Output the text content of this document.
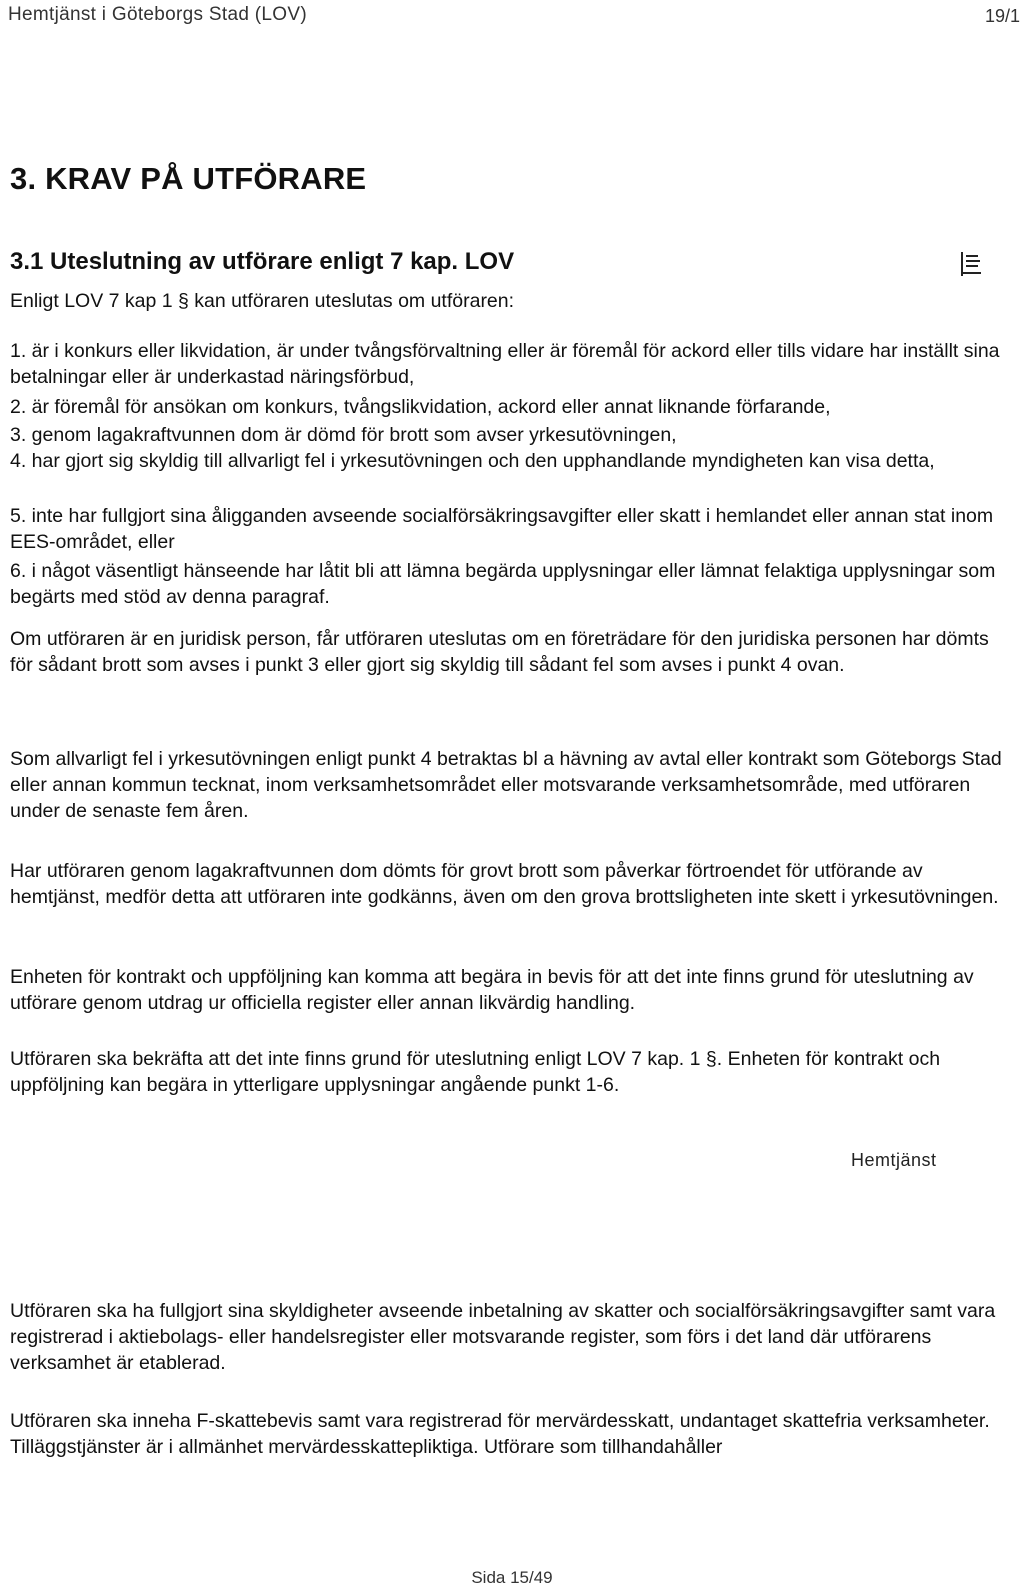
Hemtjänst i Göteborgs Stad (LOV)	19/1
3. KRAV PÅ UTFÖRARE
3.1 Uteslutning av utförare enligt 7 kap. LOV

Enligt LOV 7 kap 1 § kan utföraren uteslutas om utföraren:

1. är i konkurs eller likvidation, är under tvångsförvaltning eller är föremål för ackord eller tills vidare har inställt sina betalningar eller är underkastad näringsförbud,

2. är föremål för ansökan om konkurs, tvångslikvidation, ackord eller annat liknande förfarande,

3. genom lagakraftvunnen dom är dömd för brott som avser yrkesutövningen,

4. har gjort sig skyldig till allvarligt fel i yrkesutövningen och den upphandlande myndigheten kan visa detta,

5. inte har fullgjort sina åligganden avseende socialförsäkringsavgifter eller skatt i hemlandet eller annan stat inom EES-området, eller

6. i något väsentligt hänseende har låtit bli att lämna begärda upplysningar eller lämnat felaktiga upplysningar som begärts med stöd av denna paragraf.

Om utföraren är en juridisk person, får utföraren uteslutas om en företrädare för den juridiska personen har dömts för sådant brott som avses i punkt 3 eller gjort sig skyldig till sådant fel som avses i punkt 4 ovan.

Som allvarligt fel i yrkesutövningen enligt punkt 4 betraktas bl a hävning av avtal eller kontrakt som Göteborgs Stad eller annan kommun tecknat, inom verksamhetsområdet eller motsvarande verksamhetsområde, med utföraren under de senaste fem åren.

Har utföraren genom lagakraftvunnen dom dömts för grovt brott som påverkar förtroendet för utförande av hemtjänst, medför detta att utföraren inte godkänns, även om den grova brottsligheten inte skett i yrkesutövningen.

Enheten för kontrakt och uppföljning kan komma att begära in bevis för att det inte finns grund för uteslutning av utförare genom utdrag ur officiella register eller annan likvärdig handling.

Utföraren ska bekräfta att det inte finns grund för uteslutning enligt LOV 7 kap. 1 §. Enheten för kontrakt och uppföljning kan begära in ytterligare upplysningar angående punkt 1-6.

Hemtjänst

Utföraren ska ha fullgjort sina skyldigheter avseende inbetalning av skatter och socialförsäkringsavgifter samt vara registrerad i aktiebolags- eller handelsregister eller motsvarande register, som förs i det land där utförarens verksamhet är etablerad.

Utföraren ska inneha F-skattebevis samt vara registrerad för mervärdesskatt, undantaget skattefria verksamheter. Tilläggstjänster är i allmänhet mervärdesskattepliktiga. Utförare som tillhandahåller

Sida 15/49
